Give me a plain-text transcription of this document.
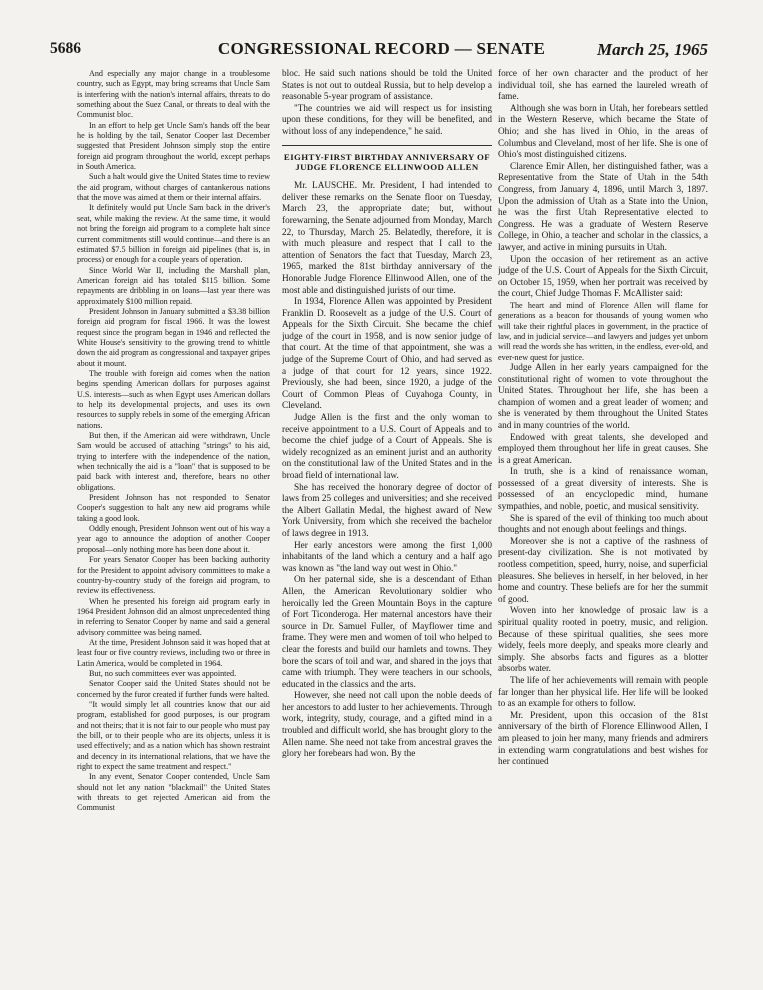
5686	CONGRESSIONAL RECORD — SENATE	March 25, 1965

And especially any major change in a troublesome country, such as Egypt, may bring screams that Uncle Sam is interfering with the nation's internal affairs, threats to do something about the Suez Canal, or threats to deal with the Communist bloc.

In an effort to help get Uncle Sam's hands off the bear he is holding by the tail, Senator Cooper last December suggested that President Johnson simply stop the entire foreign aid program throughout the world, except perhaps in South America.

Such a halt would give the United States time to review the aid program, without charges of cantankerous nations that the move was aimed at them or their internal affairs.

It definitely would put Uncle Sam back in the driver's seat, while making the review. At the same time, it would not bring the foreign aid program to a complete halt since current commitments still would continue—and there is an estimated $7.5 billion in foreign aid pipelines (that is, in process) or enough for a couple years of operation.

Since World War II, including the Marshall plan, American foreign aid has totaled $115 billion. Some repayments are dribbling in on loans—last year there was approximately $100 million repaid.

President Johnson in January submitted a $3.38 billion foreign aid program for fiscal 1966. It was the lowest request since the program began in 1946 and reflected the White House's sensitivity to the growing trend to whittle down the aid program as congressional and taxpayer gripes about it mount.

The trouble with foreign aid comes when the nation begins spending American dollars for purposes against U.S. interests—such as when Egypt uses American dollars to help its developmental projects, and uses its own resources to supply rebels in some of the emerging African nations.

But then, if the American aid were withdrawn, Uncle Sam would be accused of attaching "strings" to his aid, trying to interfere with the independence of the nation, when technically the aid is a "loan" that is supposed to be paid back with interest and, therefore, bears no other obligations.

President Johnson has not responded to Senator Cooper's suggestion to halt any new aid programs while taking a good look.

Oddly enough, President Johnson went out of his way a year ago to announce the adoption of another Cooper proposal—only nothing more has been done about it.

For years Senator Cooper has been backing authority for the President to appoint advisory committees to make a country-by-country study of the foreign aid program, to review its effectiveness.

When he presented his foreign aid program early in 1964 President Johnson did an almost unprecedented thing in referring to Senator Cooper by name and said a general advisory committee was being named.

At the time, President Johnson said it was hoped that at least four or five country reviews, including two or three in Latin America, would be completed in 1964.

But, no such committees ever was appointed.

Senator Cooper said the United States should not be concerned by the furor created if further funds were halted.

"It would simply let all countries know that our aid program, established for good purposes, is our program and not theirs; that it is not fair to our people who must pay the bill, or to their people who are its objects, unless it is used effectively; and as a nation which has shown restraint and decency in its international relations, that we have the right to expect the same treatment and respect."

In any event, Senator Cooper contended, Uncle Sam should not let any nation "blackmail" the United States with threats to get rejected American aid from the Communist

bloc. He said such nations should be told the United States is not out to outdeal Russia, but to help develop a reasonable 5-year program of assistance.

"The countries we aid will respect us for insisting upon these conditions, for they will be benefited, and without loss of any independence," he said.

EIGHTY-FIRST BIRTHDAY ANNIVERSARY OF JUDGE FLORENCE ELLINWOOD ALLEN

Mr. LAUSCHE. Mr. President, I had intended to deliver these remarks on the Senate floor on Tuesday, March 23, the appropriate date; but, without forewarning, the Senate adjourned from Monday, March 22, to Thursday, March 25. Belatedly, therefore, it is with much pleasure and respect that I call to the attention of Senators the fact that Tuesday, March 23, 1965, marked the 81st birthday anniversary of the Honorable Judge Florence Ellinwood Allen, one of the most able and distinguished jurists of our time.

In 1934, Florence Allen was appointed by President Franklin D. Roosevelt as a judge of the U.S. Court of Appeals for the Sixth Circuit. She became the chief judge of the court in 1958, and is now senior judge of that court. At the time of that appointment, she was a judge of the Supreme Court of Ohio, and had served as a judge of that court for 12 years, since 1922. Previously, she had been, since 1920, a judge of the Court of Common Pleas of Cuyahoga County, in Cleveland.

Judge Allen is the first and the only woman to receive appointment to a U.S. Court of Appeals and to become the chief judge of a Court of Appeals. She is widely recognized as an eminent jurist and an authority on the constitutional law of the United States and in the broad field of international law.

She has received the honorary degree of doctor of laws from 25 colleges and universities; and she received the Albert Gallatin Medal, the highest award of New York University, from which she received the bachelor of laws degree in 1913.

Her early ancestors were among the first 1,000 inhabitants of the land which a century and a half ago was known as "the land way out west in Ohio."

On her paternal side, she is a descendant of Ethan Allen, the American Revolutionary soldier who heroically led the Green Mountain Boys in the capture of Fort Ticonderoga. Her maternal ancestors have their source in Dr. Samuel Fuller, of Mayflower time and frame. They were men and women of toil who helped to clear the forests and build our hamlets and towns. They bore the scars of toil and war, and shared in the joys that came with triumph. They were teachers in our schools, educated in the classics and the arts.

However, she need not call upon the noble deeds of her ancestors to add luster to her achievements. Through work, integrity, study, courage, and a gifted mind in a troubled and difficult world, she has brought glory to the Allen name. She need not take from ancestral graves the glory her forebears had won. By the

force of her own character and the product of her individual toil, she has earned the laureled wreath of fame.

Although she was born in Utah, her forebears settled in the Western Reserve, which became the State of Ohio; and she has lived in Ohio, in the areas of Columbus and Cleveland, most of her life. She is one of Ohio's most distinguished citizens.

Clarence Emir Allen, her distinguished father, was a Representative from the State of Utah in the 54th Congress, from January 4, 1896, until March 3, 1897. Upon the admission of Utah as a State into the Union, he was the first Utah Representative elected to Congress. He was a graduate of Western Reserve College, in Ohio, a teacher and scholar in the classics, a lawyer, and active in mining pursuits in Utah.

Upon the occasion of her retirement as an active judge of the U.S. Court of Appeals for the Sixth Circuit, on October 15, 1959, when her portrait was received by the court, Chief Judge Thomas F. McAllister said:

The heart and mind of Florence Allen will flame for generations as a beacon for thousands of young women who will take their rightful places in government, in the practice of law, and in judicial service—and lawyers and judges yet unborn will read the words she has written, in the endless, ever-old, and ever-new quest for justice.

Judge Allen in her early years campaigned for the constitutional right of women to vote throughout the United States. Throughout her life, she has been a champion of women and a great leader of women; and she is venerated by them throughout the United States and in many countries of the world.

Endowed with great talents, she developed and employed them throughout her life in great causes. She is a great American.

In truth, she is a kind of renaissance woman, possessed of a great diversity of interests. She is possessed of an encyclopedic mind, humane sympathies, and noble, poetic, and musical sensitivity.

She is spared of the evil of thinking too much about thoughts and not enough about feelings and things.

Moreover she is not a captive of the rashness of present-day civilization. She is not motivated by rootless competition, speed, hurry, noise, and superficial pleasures. She believes in herself, in her beloved, in her home and country. These beliefs are for her the summit of good.

Woven into her knowledge of prosaic law is a spiritual quality rooted in poetry, music, and religion. Because of these spiritual qualities, she sees more widely, feels more deeply, and speaks more clearly and simply. She absorbs facts and figures as a blotter absorbs water.

The life of her achievements will remain with people far longer than her physical life. Her life will be looked to as an example for others to follow.

Mr. President, upon this occasion of the 81st anniversary of the birth of Florence Ellinwood Allen, I am pleased to join her many, many friends and admirers in extending warm congratulations and best wishes for her continued
